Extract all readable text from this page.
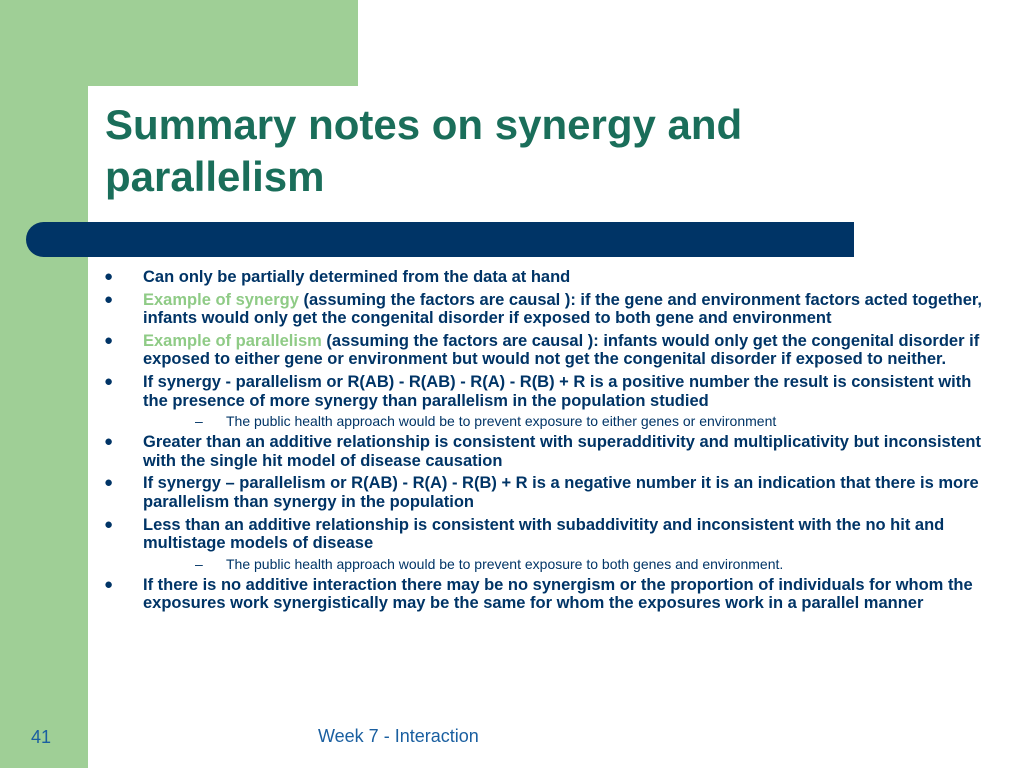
Summary notes on synergy and parallelism
● Can only be partially determined from the data at hand
● Example of synergy (assuming the factors are causal ): if the gene and environment factors acted together, infants would only get the congenital disorder if exposed to both gene and environment
● Example of parallelism (assuming the factors are causal ): infants would only get the congenital disorder if exposed to either gene or environment but would not get the congenital disorder if exposed to neither.
● If synergy - parallelism or R(AB) - R(AB) - R(A) - R(B) + R is a positive number the result is consistent with the presence of more synergy than parallelism in the population studied
– The public health approach would be to prevent exposure to either genes or environment
● Greater than an additive relationship is consistent with superadditivity and multiplicativity but inconsistent with the single hit model of disease causation
● If synergy – parallelism or R(AB) - R(A) - R(B) + R is a negative number it is an indication that there is more parallelism than synergy in the population
● Less than an additive relationship is consistent with subaddivitity and inconsistent with the no hit and multistage models of disease
– The public health approach would be to prevent exposure to both genes and environment.
● If there is no additive interaction there may be no synergism or the proportion of individuals for whom the exposures work synergistically may be the same for whom the exposures work in a parallel manner
41	Week 7 - Interaction
